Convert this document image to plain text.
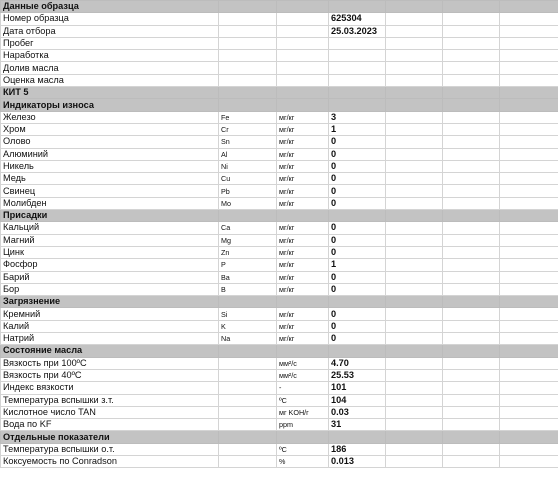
Данные образца						
Номер образца			625304			
Дата отбора			25.03.2023			
Пробег						
Наработка						
Долив масла						
Оценка масла						
КИТ 5						
Индикаторы износа						
Железо	Fe	мг/кг	3			
Хром	Cr	мг/кг	1			
Олово	Sn	мг/кг	0			
Алюминий	Al	мг/кг	0			
Никель	Ni	мг/кг	0			
Медь	Cu	мг/кг	0			
Свинец	Pb	мг/кг	0			
Молибден	Mo	мг/кг	0			
Присадки						
Кальций	Ca	мг/кг	0			
Магний	Mg	мг/кг	0			
Цинк	Zn	мг/кг	0			
Фосфор	P	мг/кг	1			
Барий	Ba	мг/кг	0			
Бор	B	мг/кг	0			
Загрязнение						
Кремний	Si	мг/кг	0			
Калий	K	мг/кг	0			
Натрий	Na	мг/кг	0			
Состояние масла						
Вязкость при 100ºC		мм²/с	4.70			
Вязкость при 40ºC		мм²/с	25.53			
Индекс вязкости		-	101			
Температура вспышки з.т.		ºC	104			
Кислотное число TAN		мг KOH/г	0.03			
Вода по KF		ppm	31			
Отдельные показатели						
Температура вспышки о.т.		ºC	186			
Коксуемость по Conradson		%	0.013			
